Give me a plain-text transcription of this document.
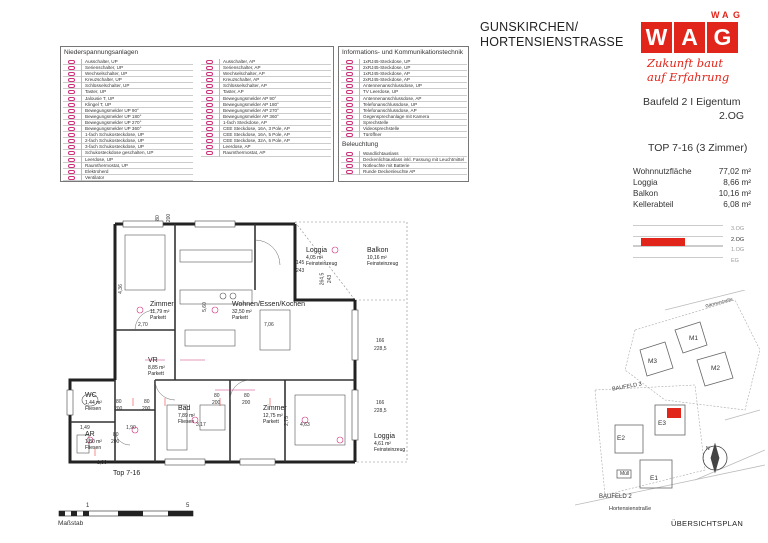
GUNSKIRCHEN/
HORTENSIENSTRASSE W A G
W A G
Eu.
Zukunft baut
auf Erfahrung
Niederspannungsanlagen
Ausschalter, UP
Serienschalter, UP
Wechselschalter, UP
Kreuzschalter, UP
Schlüsselschalter, UP
Taster, UP
Jalousie T, UP
Klingel T, UP
Bewegungsmelder UP 90°
Bewegungsmelder UP 180°
Bewegungsmelder UP 270°
Bewegungsmelder UP 360°
1-fach Schukosteckdose, UP
2-fach Schukosteckdose, UP
3-fach Schukosteckdose, UP
Schukosteckdose geschalten, UP
Leerdose, UP
Raumthermostat, UP
Elektroherd
Ventilator
Ausschalter, AP
Serienschalter, AP
Wechselschalter, AP
Kreuzschalter, AP
Schlüsselschalter, AP
Taster, AP
Bewegungsmelder AP 90°
Bewegungsmelder AP 180°
Bewegungsmelder AP 270°
Bewegungsmelder AP 360°
1-fach Steckdose, AP
CEE Steckdose, 16A, 3 Pole, AP
CEE Steckdose, 16A, 5 Pole, AP
CEE Steckdose, 32A, 5 Pole, AP
Leerdose, AP
Raumthermostat, AP
Informations- und Kommunikationstechnik
1xRJ45-Steckdose, UP
2xRJ45-Steckdose, UP
1xRJ45-Steckdose, AP
2xRJ45-Steckdose, AP
Antennenanschlussdose, UP
TV Leerdose, UP
Antennenanschlussdose, AP
Telefonanschlussdose, UP
Telefonanschlussdose, AP
Gegensprechanlage mit Kamera
Sprechstelle
Videosprechstelle
Türöffner
Beleuchtung
Wandlichtauslass
Deckenlichtauslass inkl. Fassung mit Leuchtmittel
Notleuchte mit Batterie
Runde Deckenleuchte AP
Baufeld 2 I Eigentum
2.OG
TOP 7-16 (3 Zimmer)
Wohnnutzfläche	77,02 m²
Loggia	8,66 m²
Balkon	10,16 m²
Kellerabteil	6,08 m²
3.OG
2.OG
1.OG
EG
Zimmer
11,79 m²
Parkett
Wohnen/Essen/Kochen
32,50 m²
Parkett
Loggia
4,05 m²
Feinsteinzeug
Balkon
10,16 m²
Feinsteinzeug
VR
8,85 m²
Parkett
WC
1,44 m²
Fliesen
AR
1,80 m²
Fliesen
Bad
7,89 m²
Fliesen
Zimmer
12,75 m²
Parkett
Loggia
4,61 m²
Feinsteinzeug
2,70	7,06
4,36
5,60
145
243
264,5 243
166
228,5
166
228,5
80
200
80
200
80
200
80
200
80
200
1,90
1,49
1,30
3,17	4,63
2,75
80 200
Top 7-16
1	5
Maßstab
M1
M2
M3
E1
E2
E3
Müll
BAUFELD 3
BAUFELD 2
Hortensienstraße
Gärtnerstraße
N
ÜBERSICHTSPLAN
